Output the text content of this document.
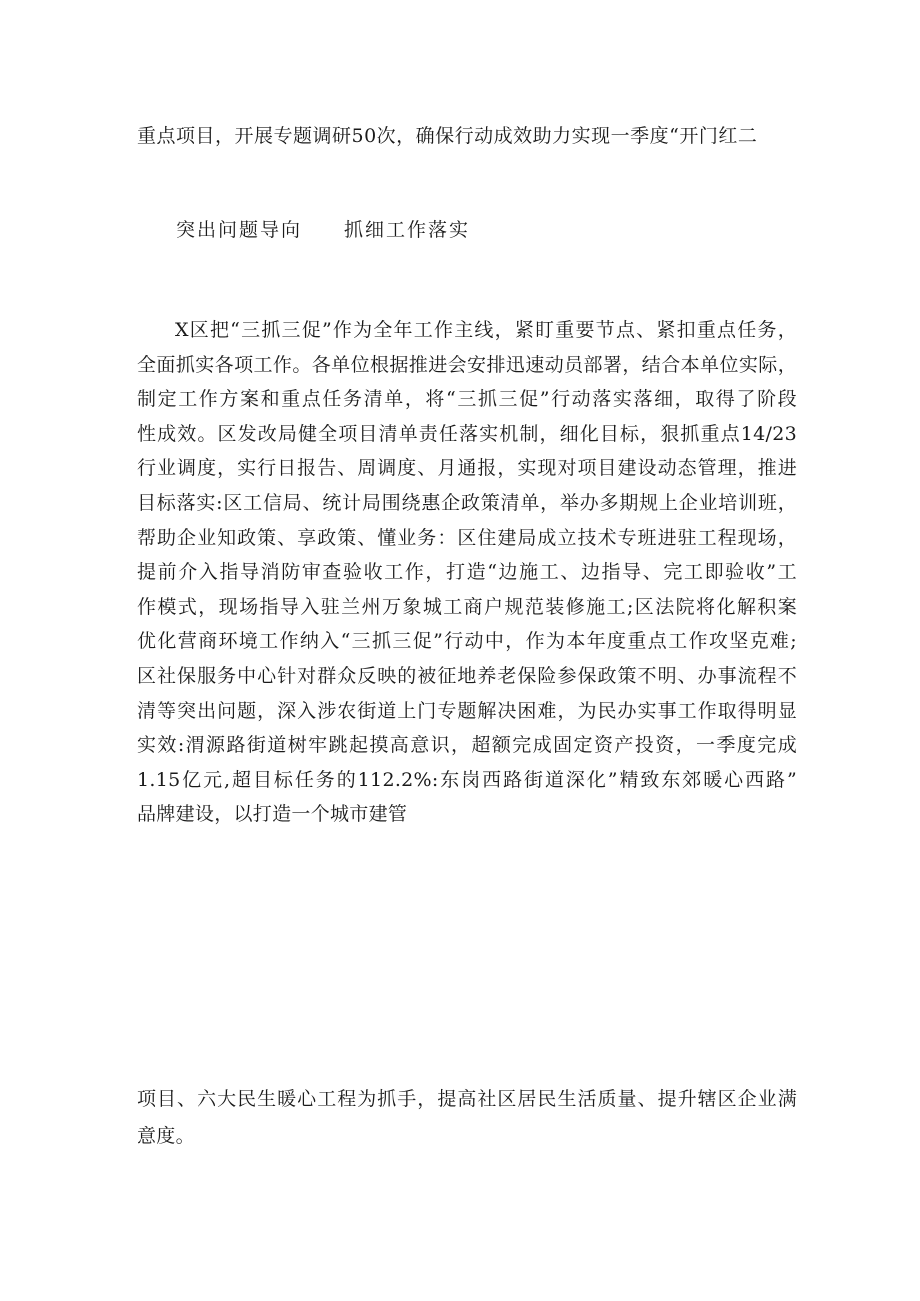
重点项目，开展专题调研50次，确保行动成效助力实现一季度“开门红二
突出问题导向 抓细工作落实
X区把“三抓三促”作为全年工作主线，紧盯重要节点、紧扣重点任务，
全面抓实各项工作。各单位根据推进会安排迅速动员部署，结合本单位实际，
制定工作方案和重点任务清单，将“三抓三促”行动落实落细，取得了阶段
性成效。区发改局健全项目清单责任落实机制，细化目标，狠抓重点14/23
行业调度，实行日报告、周调度、月通报，实现对项目建设动态管理，推进
目标落实:区工信局、统计局围绕惠企政策清单，举办多期规上企业培训班，
帮助企业知政策、享政策、懂业务：区住建局成立技术专班进驻工程现场，
提前介入指导消防审查验收工作，打造“边施工、边指导、完工即验收”工
作模式，现场指导入驻兰州万象城工商户规范装修施工;区法院将化解积案
优化营商环境工作纳入“三抓三促”行动中，作为本年度重点工作攻坚克难;
区社保服务中心针对群众反映的被征地养老保险参保政策不明、办事流程不
清等突出问题，深入涉农街道上门专题解决困难，为民办实事工作取得明显
实效:渭源路街道树牢跳起摸高意识，超额完成固定资产投资，一季度完成
1.15亿元,超目标任务的112.2%:东岗西路街道深化”精致东郊暖心西路”
品牌建设，以打造一个城市建管
项目、六大民生暖心工程为抓手，提高社区居民生活质量、提升辖区企业满
意度。
